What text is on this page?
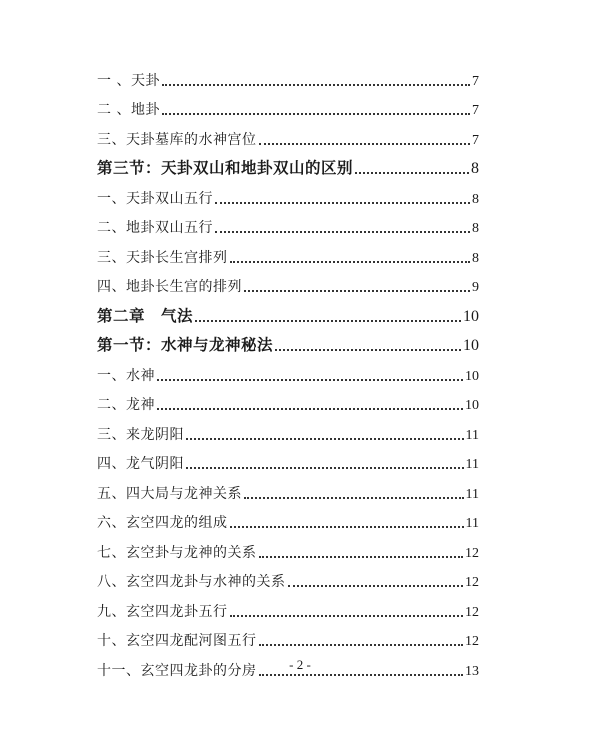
一 、天卦	7
二 、地卦	7
三、天卦墓库的水神宫位	7
第三节：天卦双山和地卦双山的区别	8
一、天卦双山五行	8
二、地卦双山五行	8
三、天卦长生宫排列	8
四、地卦长生宫的排列	9
第二章　气法	10
第一节：水神与龙神秘法	10
一、水神	10
二、龙神	10
三、来龙阴阳	11
四、龙气阴阳	11
五、四大局与龙神关系	11
六、玄空四龙的组成	11
七、玄空卦与龙神的关系	12
八、玄空四龙卦与水神的关系	12
九、玄空四龙卦五行	12
十、玄空四龙配河图五行	12
十一、玄空四龙卦的分房	13
- 2 -
